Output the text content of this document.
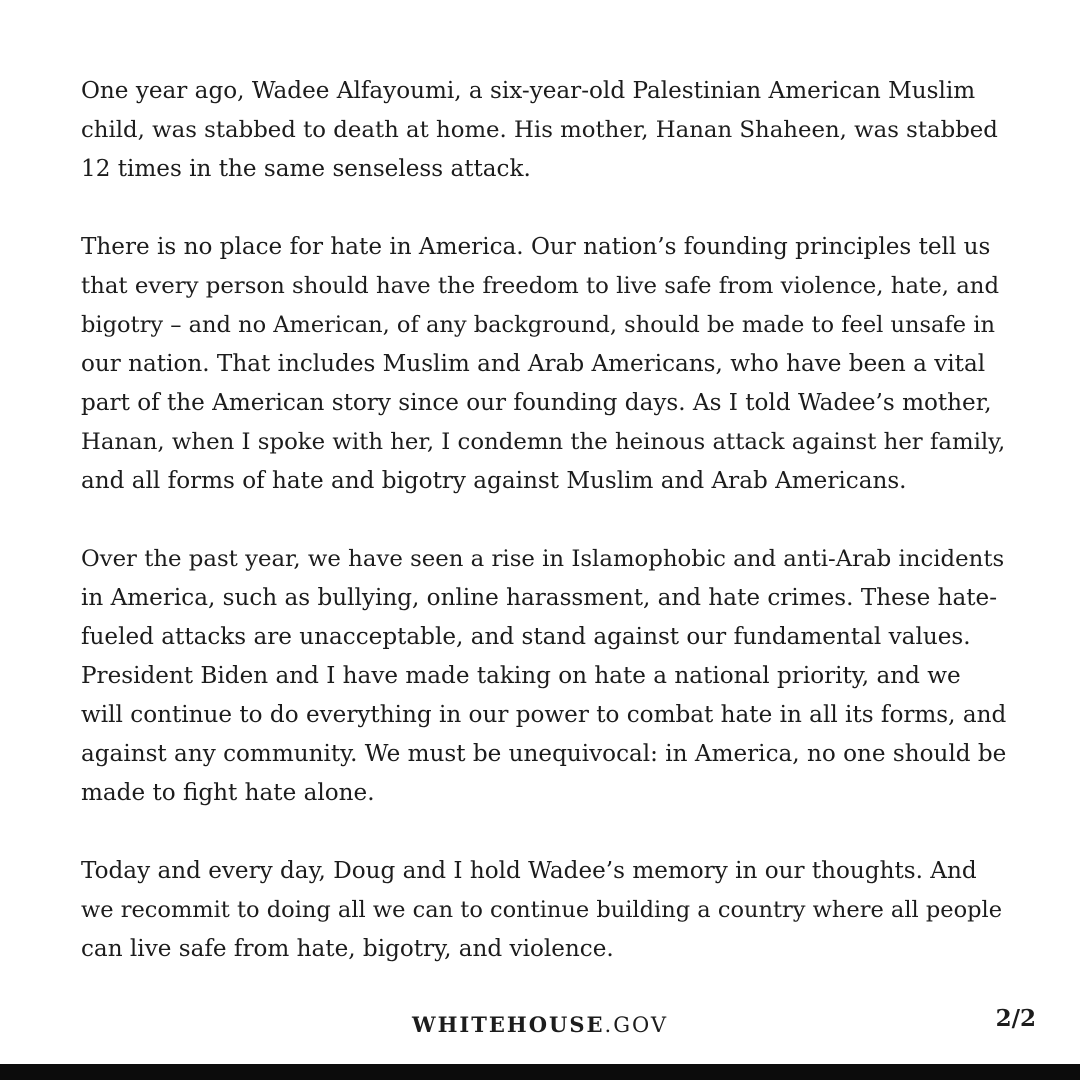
One year ago, Wadee Alfayoumi, a six-year-old Palestinian American Muslim

child, was stabbed to death at home. His mother, Hanan Shaheen, was stabbed

12 times in the same senseless attack.

There is no place for hate in America. Our nation’s founding principles tell us

that every person should have the freedom to live safe from violence, hate, and

bigotry – and no American, of any background, should be made to feel unsafe in

our nation. That includes Muslim and Arab Americans, who have been a vital

part of the American story since our founding days. As I told Wadee’s mother,

Hanan, when I spoke with her, I condemn the heinous attack against her family,

and all forms of hate and bigotry against Muslim and Arab Americans.

Over the past year, we have seen a rise in Islamophobic and anti-Arab incidents

in America, such as bullying, online harassment, and hate crimes. These hate-

fueled attacks are unacceptable, and stand against our fundamental values.

President Biden and I have made taking on hate a national priority, and we

will continue to do everything in our power to combat hate in all its forms, and

against any community. We must be unequivocal: in America, no one should be

made to fight hate alone.

Today and every day, Doug and I hold Wadee’s memory in our thoughts. And

we recommit to doing all we can to continue building a country where all people

can live safe from hate, bigotry, and violence.

WHITEHOUSE.GOV	2/2
